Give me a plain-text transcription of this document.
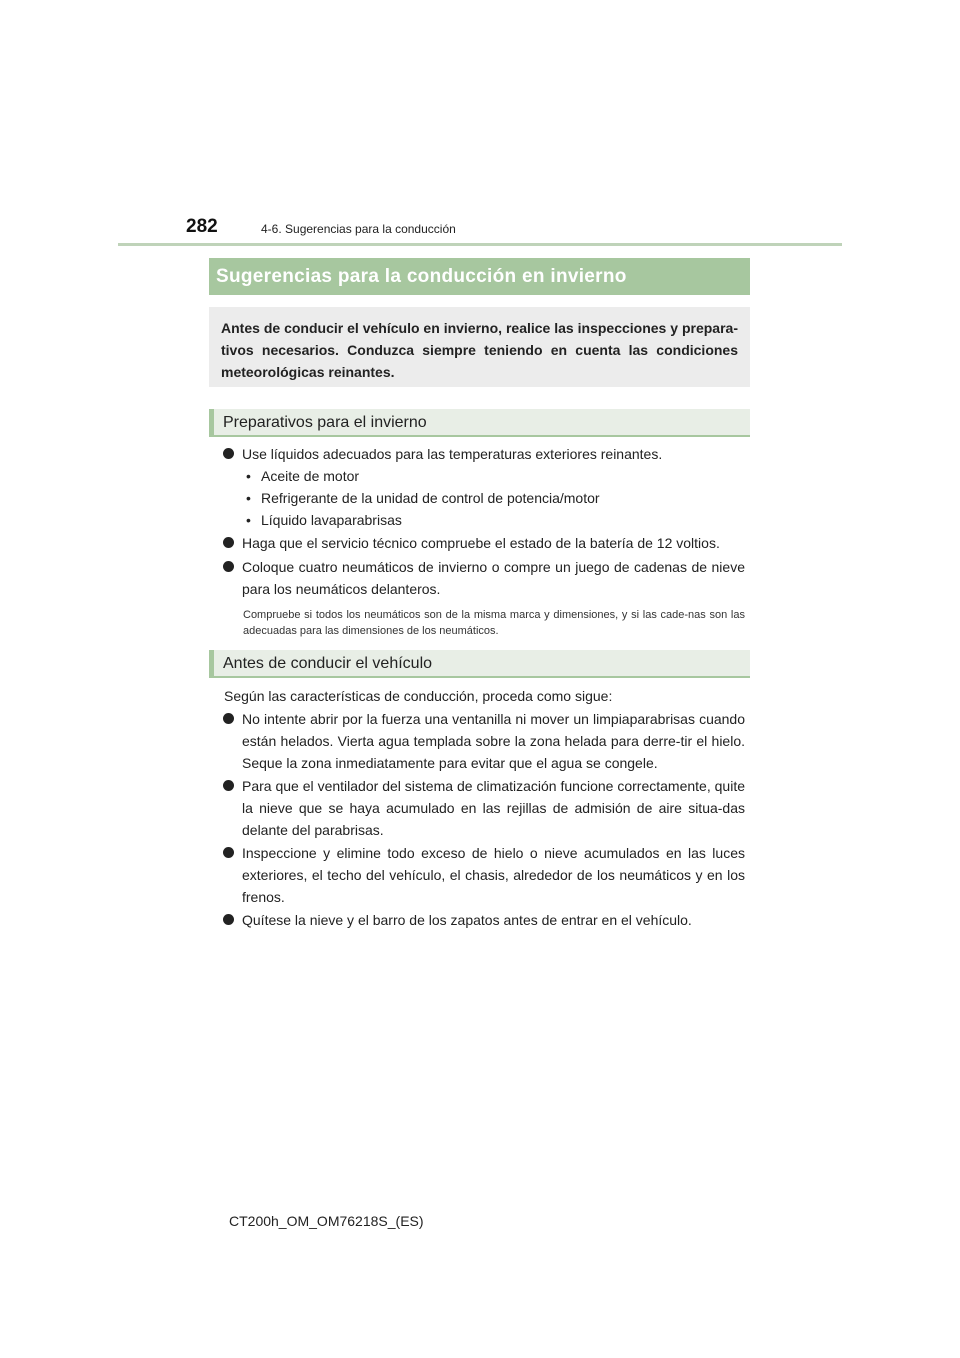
282	4-6. Sugerencias para la conducción
Sugerencias para la conducción en invierno
Antes de conducir el vehículo en invierno, realice las inspecciones y prepara-tivos necesarios. Conduzca siempre teniendo en cuenta las condiciones meteorológicas reinantes.
Preparativos para el invierno
Use líquidos adecuados para las temperaturas exteriores reinantes.
• Aceite de motor
• Refrigerante de la unidad de control de potencia/motor
• Líquido lavaparabrisas
Haga que el servicio técnico compruebe el estado de la batería de 12 voltios.
Coloque cuatro neumáticos de invierno o compre un juego de cadenas de nieve para los neumáticos delanteros.
Compruebe si todos los neumáticos son de la misma marca y dimensiones, y si las cade-nas son las adecuadas para las dimensiones de los neumáticos.
Antes de conducir el vehículo
Según las características de conducción, proceda como sigue:
No intente abrir por la fuerza una ventanilla ni mover un limpiaparabrisas cuando están helados. Vierta agua templada sobre la zona helada para derre-tir el hielo. Seque la zona inmediatamente para evitar que el agua se congele.
Para que el ventilador del sistema de climatización funcione correctamente, quite la nieve que se haya acumulado en las rejillas de admisión de aire situa-das delante del parabrisas.
Inspeccione y elimine todo exceso de hielo o nieve acumulados en las luces exteriores, el techo del vehículo, el chasis, alrededor de los neumáticos y en los frenos.
Quítese la nieve y el barro de los zapatos antes de entrar en el vehículo.
CT200h_OM_OM76218S_(ES)
